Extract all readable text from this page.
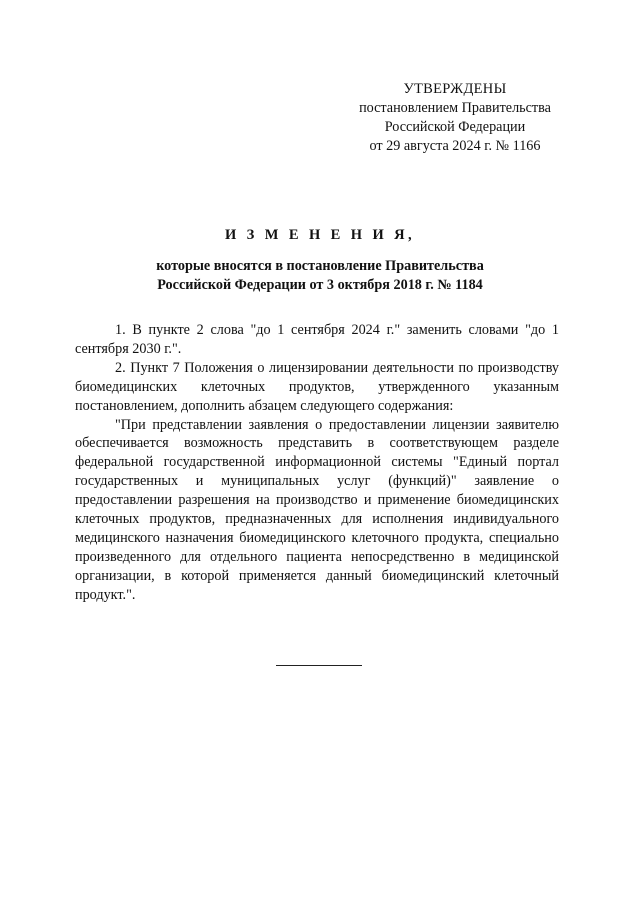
УТВЕРЖДЕНЫ
постановлением Правительства
Российской Федерации
от 29 августа 2024 г. № 1166
И З М Е Н Е Н И Я,
которые вносятся в постановление Правительства
Российской Федерации от 3 октября 2018 г. № 1184

1. В пункте 2 слова "до 1 сентября 2024 г." заменить словами "до 1 сентября 2030 г.".

2. Пункт 7 Положения о лицензировании деятельности по производству биомедицинских клеточных продуктов, утвержденного указанным постановлением, дополнить абзацем следующего содержания:

"При представлении заявления о предоставлении лицензии заявителю обеспечивается возможность представить в соответствующем разделе федеральной государственной информационной системы "Единый портал государственных и муниципальных услуг (функций)" заявление о предоставлении разрешения на производство и применение биомедицинских клеточных продуктов, предназначенных для исполнения индивидуального медицинского назначения биомедицинского клеточного продукта, специально произведенного для отдельного пациента непосредственно в медицинской организации, в которой применяется данный биомедицинский клеточный продукт.".
